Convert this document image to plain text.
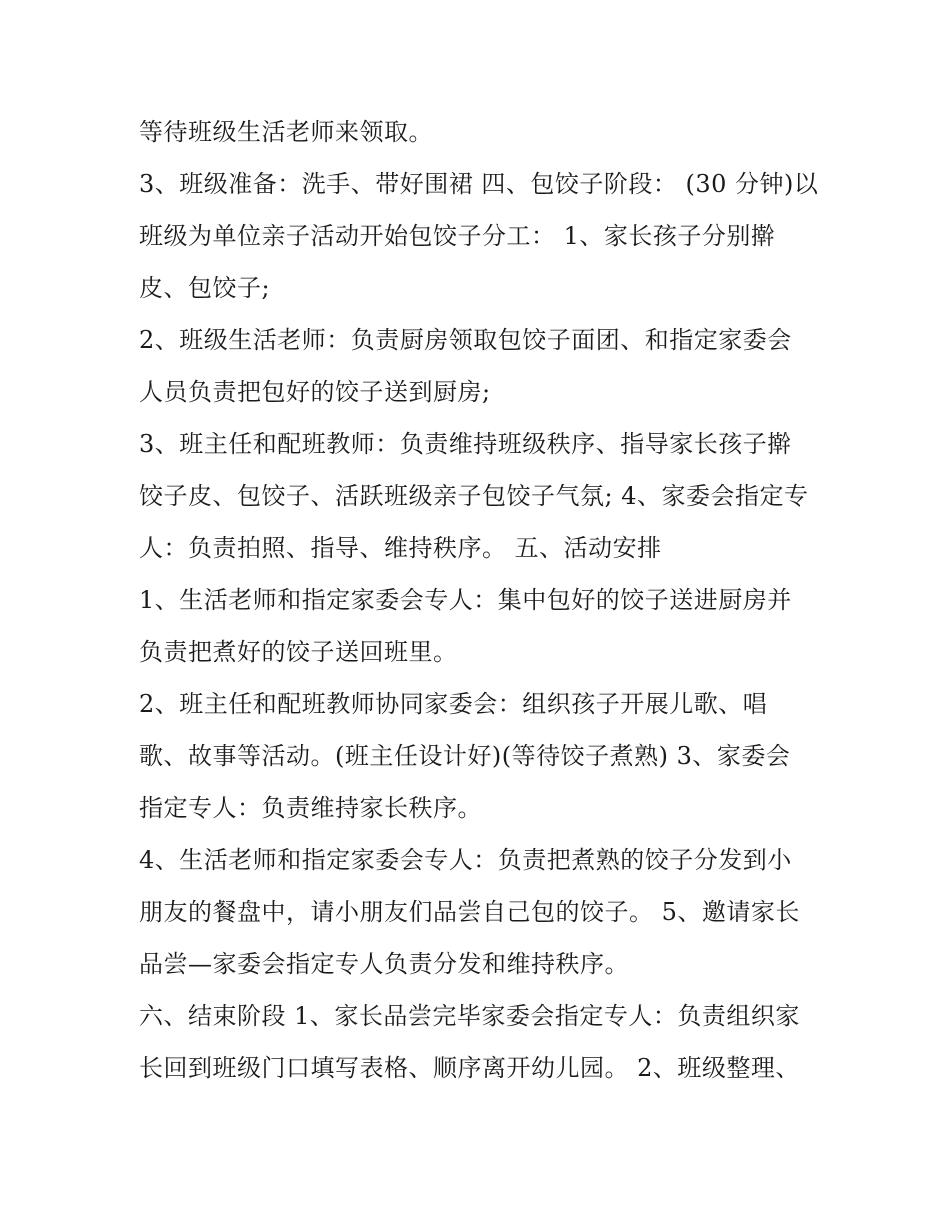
等待班级生活老师来领取。
3、班级准备：洗手、带好围裙 四、包饺子阶段： (30 分钟)以
班级为单位亲子活动开始包饺子分工： 1、家长孩子分别擀
皮、包饺子;
2、班级生活老师：负责厨房领取包饺子面团、和指定家委会
人员负责把包好的饺子送到厨房;
3、班主任和配班教师：负责维持班级秩序、指导家长孩子擀
饺子皮、包饺子、活跃班级亲子包饺子气氛; 4、家委会指定专
人：负责拍照、指导、维持秩序。 五、活动安排
1、生活老师和指定家委会专人：集中包好的饺子送进厨房并
负责把煮好的饺子送回班里。
2、班主任和配班教师协同家委会：组织孩子开展儿歌、唱
歌、故事等活动。(班主任设计好)(等待饺子煮熟) 3、家委会
指定专人：负责维持家长秩序。
4、生活老师和指定家委会专人：负责把煮熟的饺子分发到小
朋友的餐盘中，请小朋友们品尝自己包的饺子。 5、邀请家长
品尝—家委会指定专人负责分发和维持秩序。
六、结束阶段 1、家长品尝完毕家委会指定专人：负责组织家
长回到班级门口填写表格、顺序离开幼儿园。 2、班级整理、
